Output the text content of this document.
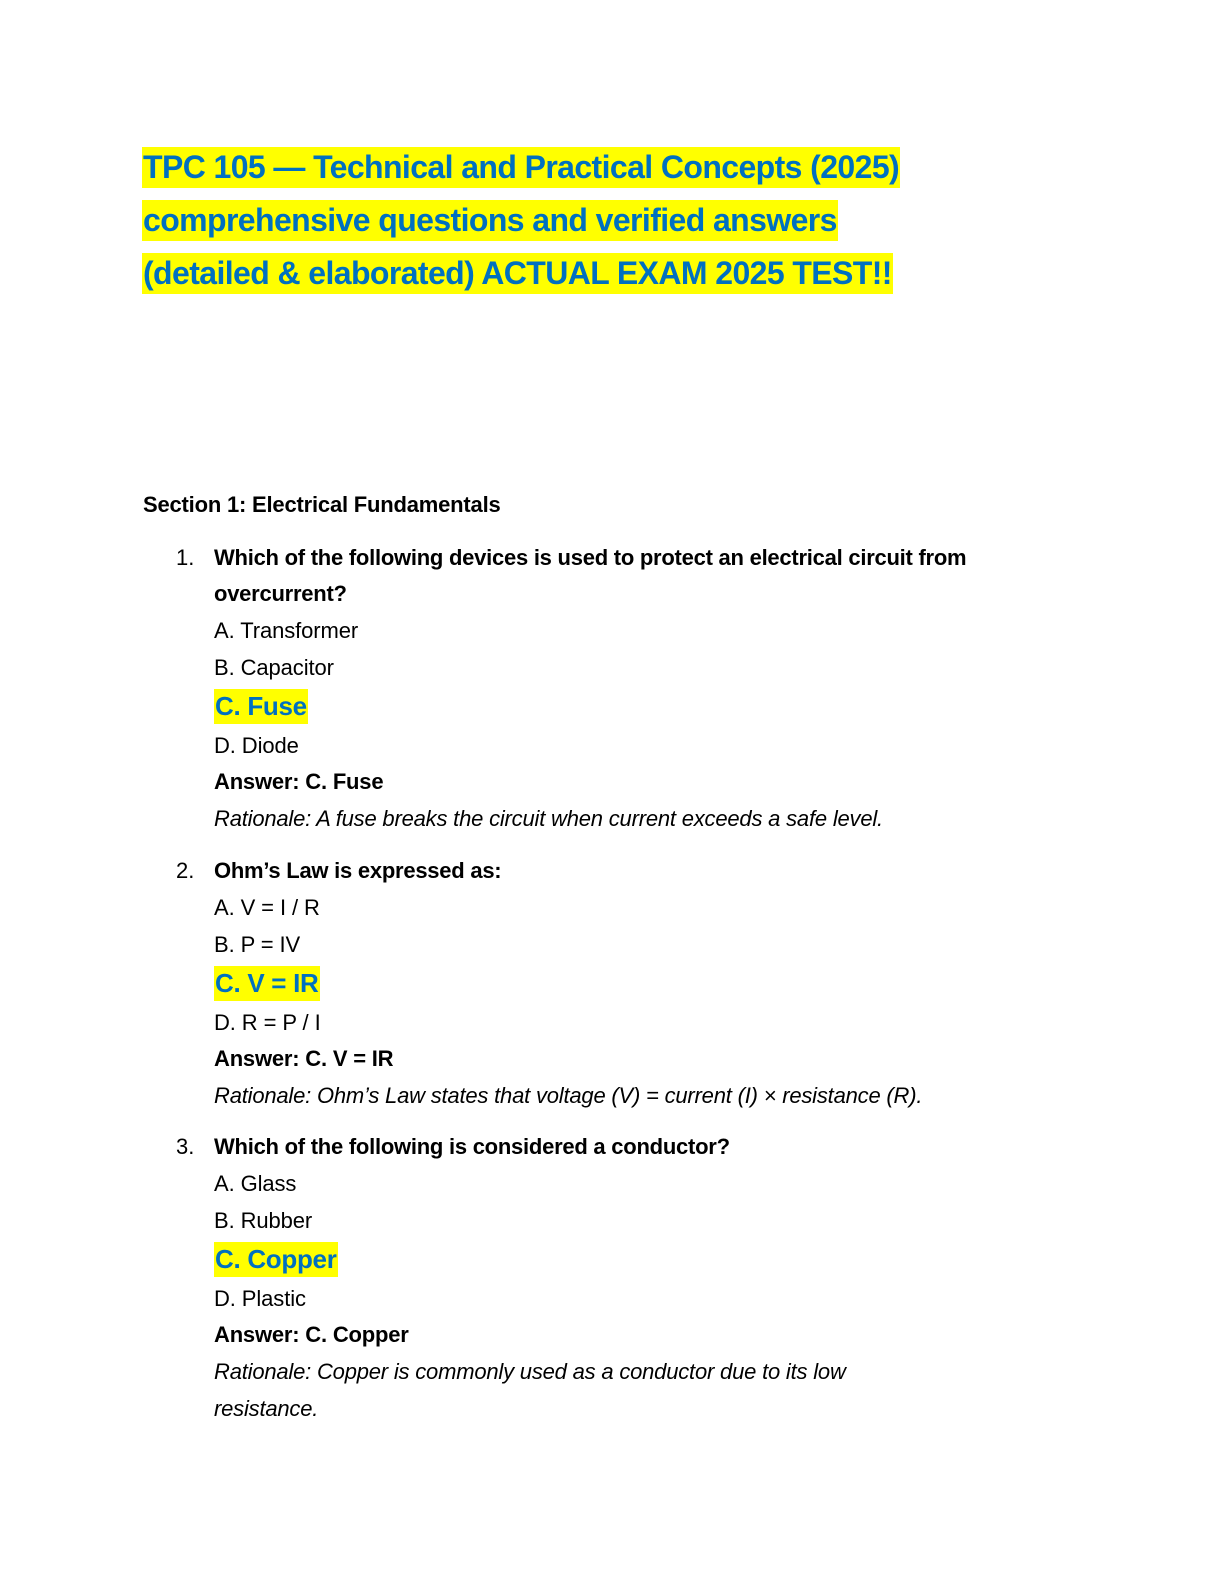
TPC 105 — Technical and Practical Concepts (2025)
comprehensive questions and verified answers
(detailed & elaborated) ACTUAL EXAM 2025 TEST!!
Section 1: Electrical Fundamentals
1. Which of the following devices is used to protect an electrical circuit from
overcurrent?
A. Transformer
B. Capacitor
C. Fuse
D. Diode
Answer: C. Fuse
Rationale: A fuse breaks the circuit when current exceeds a safe level.
2. Ohm’s Law is expressed as:
A. V = I / R
B. P = IV
C. V = IR
D. R = P / I
Answer: C. V = IR
Rationale: Ohm’s Law states that voltage (V) = current (I) × resistance (R).
3. Which of the following is considered a conductor?
A. Glass
B. Rubber
C. Copper
D. Plastic
Answer: C. Copper
Rationale: Copper is commonly used as a conductor due to its low
resistance.
